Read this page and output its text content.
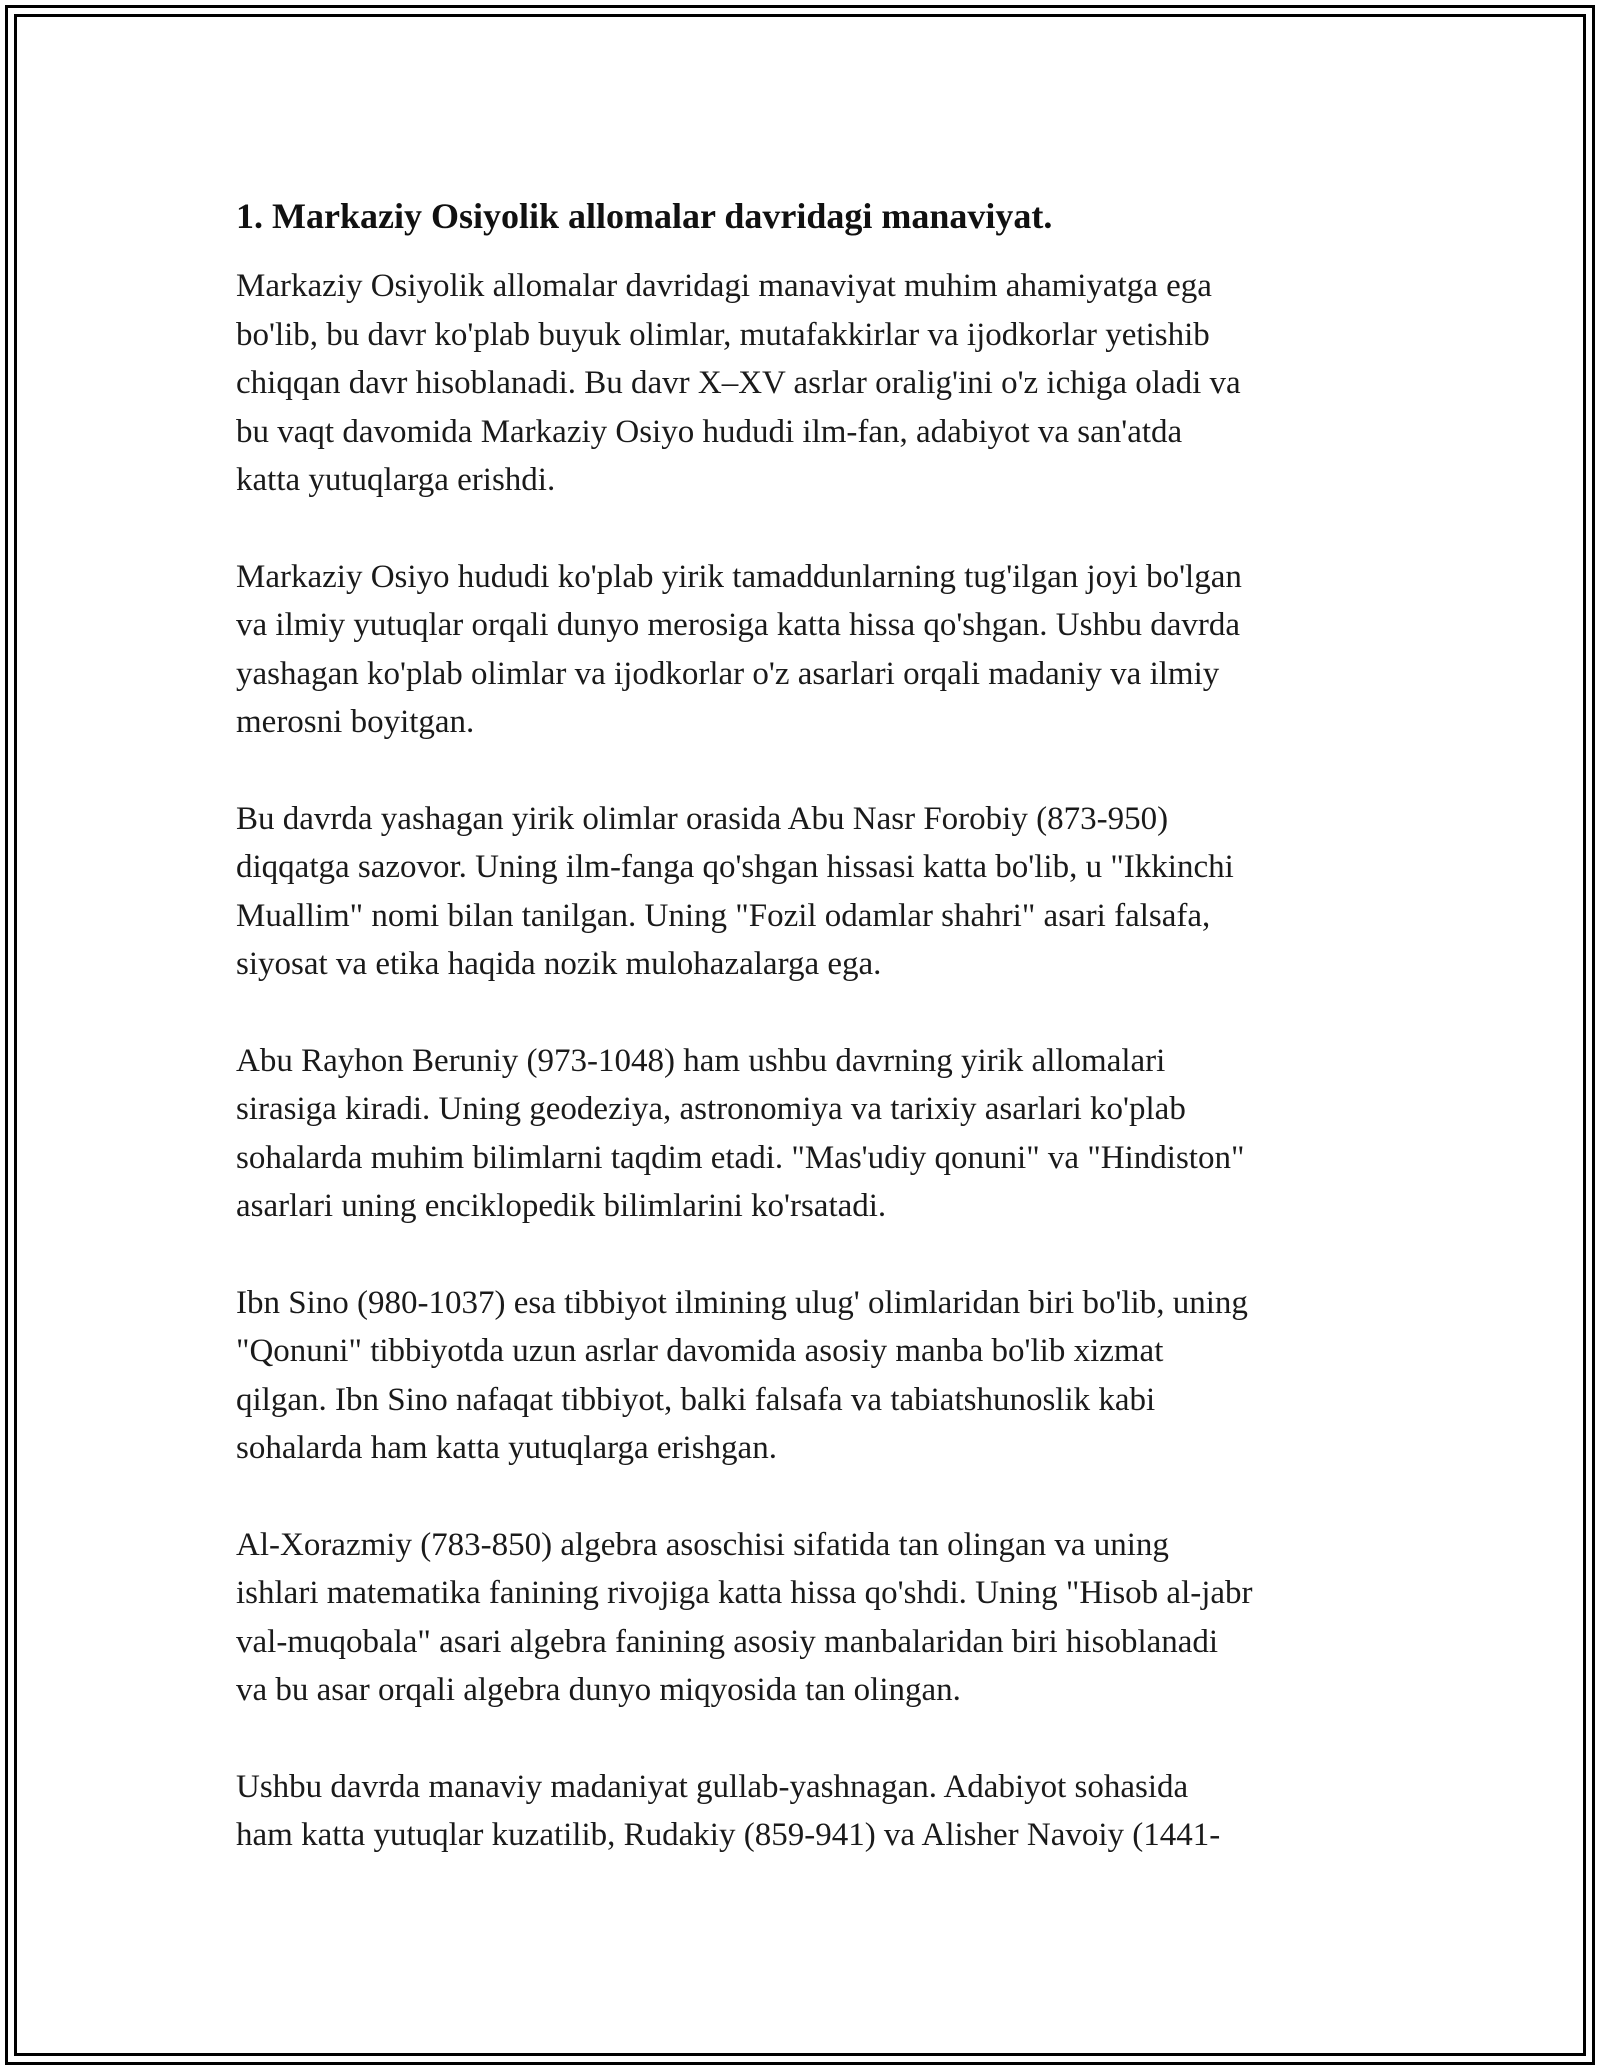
1. Markaziy Osiyolik allomalar davridagi manaviyat.
Markaziy Osiyolik allomalar davridagi manaviyat muhim ahamiyatga ega
bo'lib, bu davr ko'plab buyuk olimlar, mutafakkirlar va ijodkorlar yetishib
chiqqan davr hisoblanadi. Bu davr X–XV asrlar oralig'ini o'z ichiga oladi va
bu vaqt davomida Markaziy Osiyo hududi ilm-fan, adabiyot va san'atda
katta yutuqlarga erishdi.
Markaziy Osiyo hududi ko'plab yirik tamaddunlarning tug'ilgan joyi bo'lgan
va ilmiy yutuqlar orqali dunyo merosiga katta hissa qo'shgan. Ushbu davrda
yashagan ko'plab olimlar va ijodkorlar o'z asarlari orqali madaniy va ilmiy
merosni boyitgan.
Bu davrda yashagan yirik olimlar orasida Abu Nasr Forobiy (873-950)
diqqatga sazovor. Uning ilm-fanga qo'shgan hissasi katta bo'lib, u "Ikkinchi
Muallim" nomi bilan tanilgan. Uning "Fozil odamlar shahri" asari falsafa,
siyosat va etika haqida nozik mulohazalarga ega.
Abu Rayhon Beruniy (973-1048) ham ushbu davrning yirik allomalari
sirasiga kiradi. Uning geodeziya, astronomiya va tarixiy asarlari ko'plab
sohalarda muhim bilimlarni taqdim etadi. "Mas'udiy qonuni" va "Hindiston"
asarlari uning enciklopedik bilimlarini ko'rsatadi.
Ibn Sino (980-1037) esa tibbiyot ilmining ulug' olimlaridan biri bo'lib, uning
"Qonuni" tibbiyotda uzun asrlar davomida asosiy manba bo'lib xizmat
qilgan. Ibn Sino nafaqat tibbiyot, balki falsafa va tabiatshunoslik kabi
sohalarda ham katta yutuqlarga erishgan.
Al-Xorazmiy (783-850) algebra asoschisi sifatida tan olingan va uning
ishlari matematika fanining rivojiga katta hissa qo'shdi. Uning "Hisob al-jabr
val-muqobala" asari algebra fanining asosiy manbalaridan biri hisoblanadi
va bu asar orqali algebra dunyo miqyosida tan olingan.
Ushbu davrda manaviy madaniyat gullab-yashnagan. Adabiyot sohasida
ham katta yutuqlar kuzatilib, Rudakiy (859-941) va Alisher Navoiy (1441-
